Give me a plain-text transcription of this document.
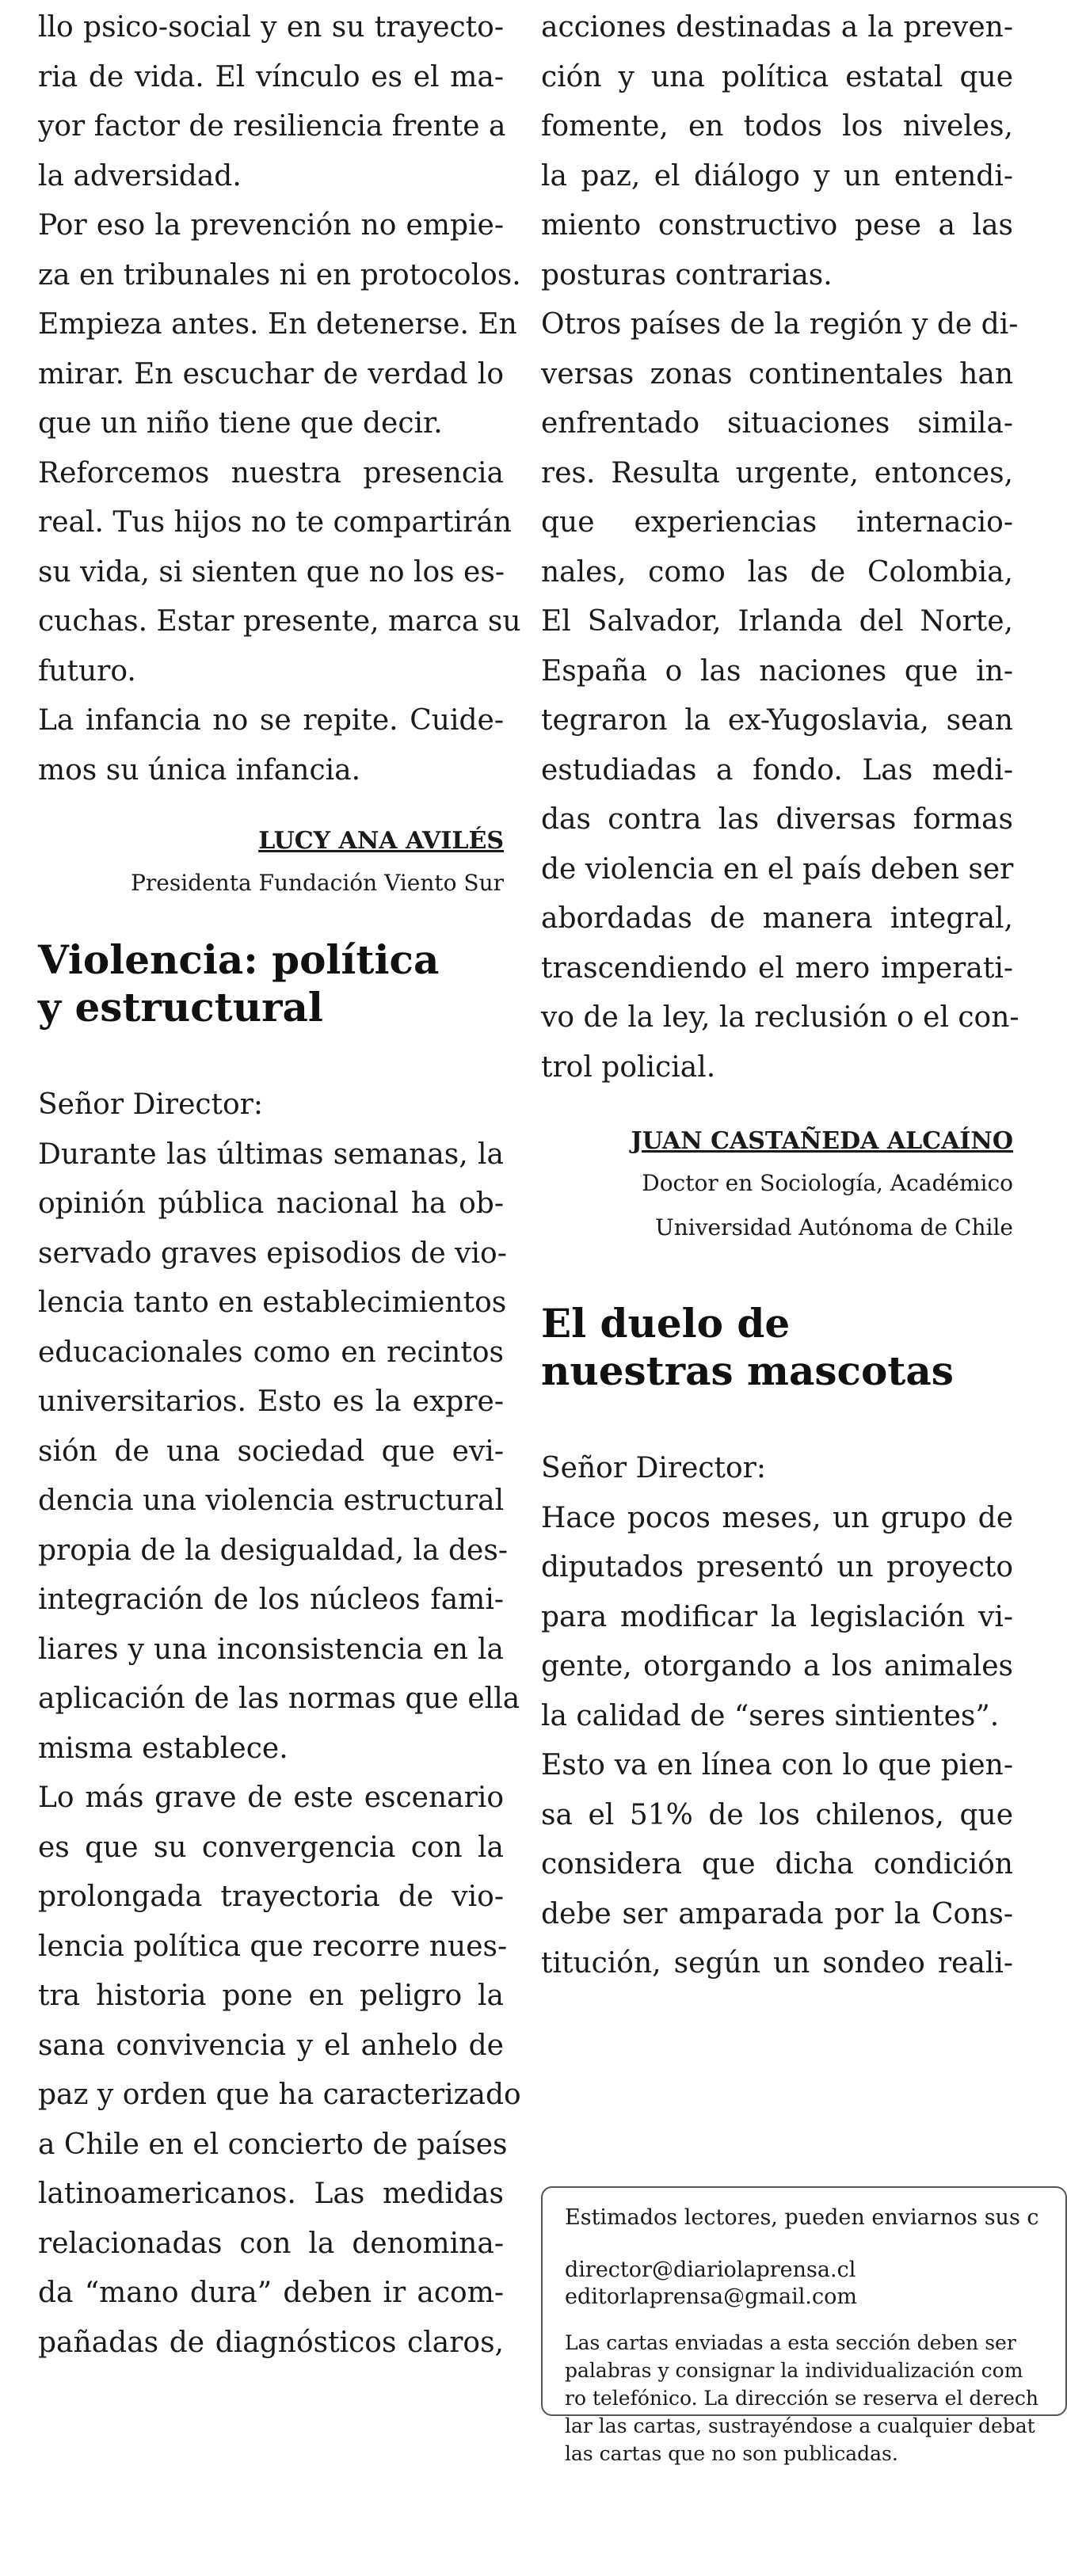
llo psico-social y en su trayecto-
ria de vida. El vínculo es el ma-
yor factor de resiliencia frente a
la adversidad.
Por eso la prevención no empie-
za en tribunales ni en protocolos.
Empieza antes. En detenerse. En
mirar. En escuchar de verdad lo
que un niño tiene que decir.
Reforcemos nuestra presencia
real. Tus hijos no te compartirán
su vida, si sienten que no los es-
cuchas. Estar presente, marca su
futuro.
La infancia no se repite. Cuide-
mos su única infancia.

LUCY ANA AVILÉS

Presidenta Fundación Viento Sur

Violencia: política
y estructural
Señor Director:
Durante las últimas semanas, la
opinión pública nacional ha ob-
servado graves episodios de vio-
lencia tanto en establecimientos
educacionales como en recintos
universitarios. Esto es la expre-
sión de una sociedad que evi-
dencia una violencia estructural
propia de la desigualdad, la des-
integración de los núcleos fami-
liares y una inconsistencia en la
aplicación de las normas que ella
misma establece.
Lo más grave de este escenario
es que su convergencia con la
prolongada trayectoria de vio-
lencia política que recorre nues-
tra historia pone en peligro la
sana convivencia y el anhelo de
paz y orden que ha caracterizado
a Chile en el concierto de países
latinoamericanos. Las medidas
relacionadas con la denomina-
da “mano dura” deben ir acom-
pañadas de diagnósticos claros,
acciones destinadas a la preven-
ción y una política estatal que
fomente, en todos los niveles,
la paz, el diálogo y un entendi-
miento constructivo pese a las
posturas contrarias.
Otros países de la región y de di-
versas zonas continentales han
enfrentado situaciones simila-
res. Resulta urgente, entonces,
que experiencias internacio-
nales, como las de Colombia,
El Salvador, Irlanda del Norte,
España o las naciones que in-
tegraron la ex-Yugoslavia, sean
estudiadas a fondo. Las medi-
das contra las diversas formas
de violencia en el país deben ser
abordadas de manera integral,
trascendiendo el mero imperati-
vo de la ley, la reclusión o el con-
trol policial.

JUAN CASTAÑEDA ALCAÍNO

Doctor en Sociología, Académico

Universidad Autónoma de Chile

El duelo de
nuestras mascotas
Señor Director:
Hace pocos meses, un grupo de
diputados presentó un proyecto
para modificar la legislación vi-
gente, otorgando a los animales
la calidad de “seres sintientes”.
Esto va en línea con lo que pien-
sa el 51% de los chilenos, que
considera que dicha condición
debe ser amparada por la Cons-
titución, según un sondeo reali-
Estimados lectores, pueden enviarnos sus c
director@diariolaprensa.cl
editorlaprensa@gmail.com
Las cartas enviadas a esta sección deben ser
palabras y consignar la individualización com
ro telefónico. La dirección se reserva el derech
lar las cartas, sustrayéndose a cualquier debat
las cartas que no son publicadas.
